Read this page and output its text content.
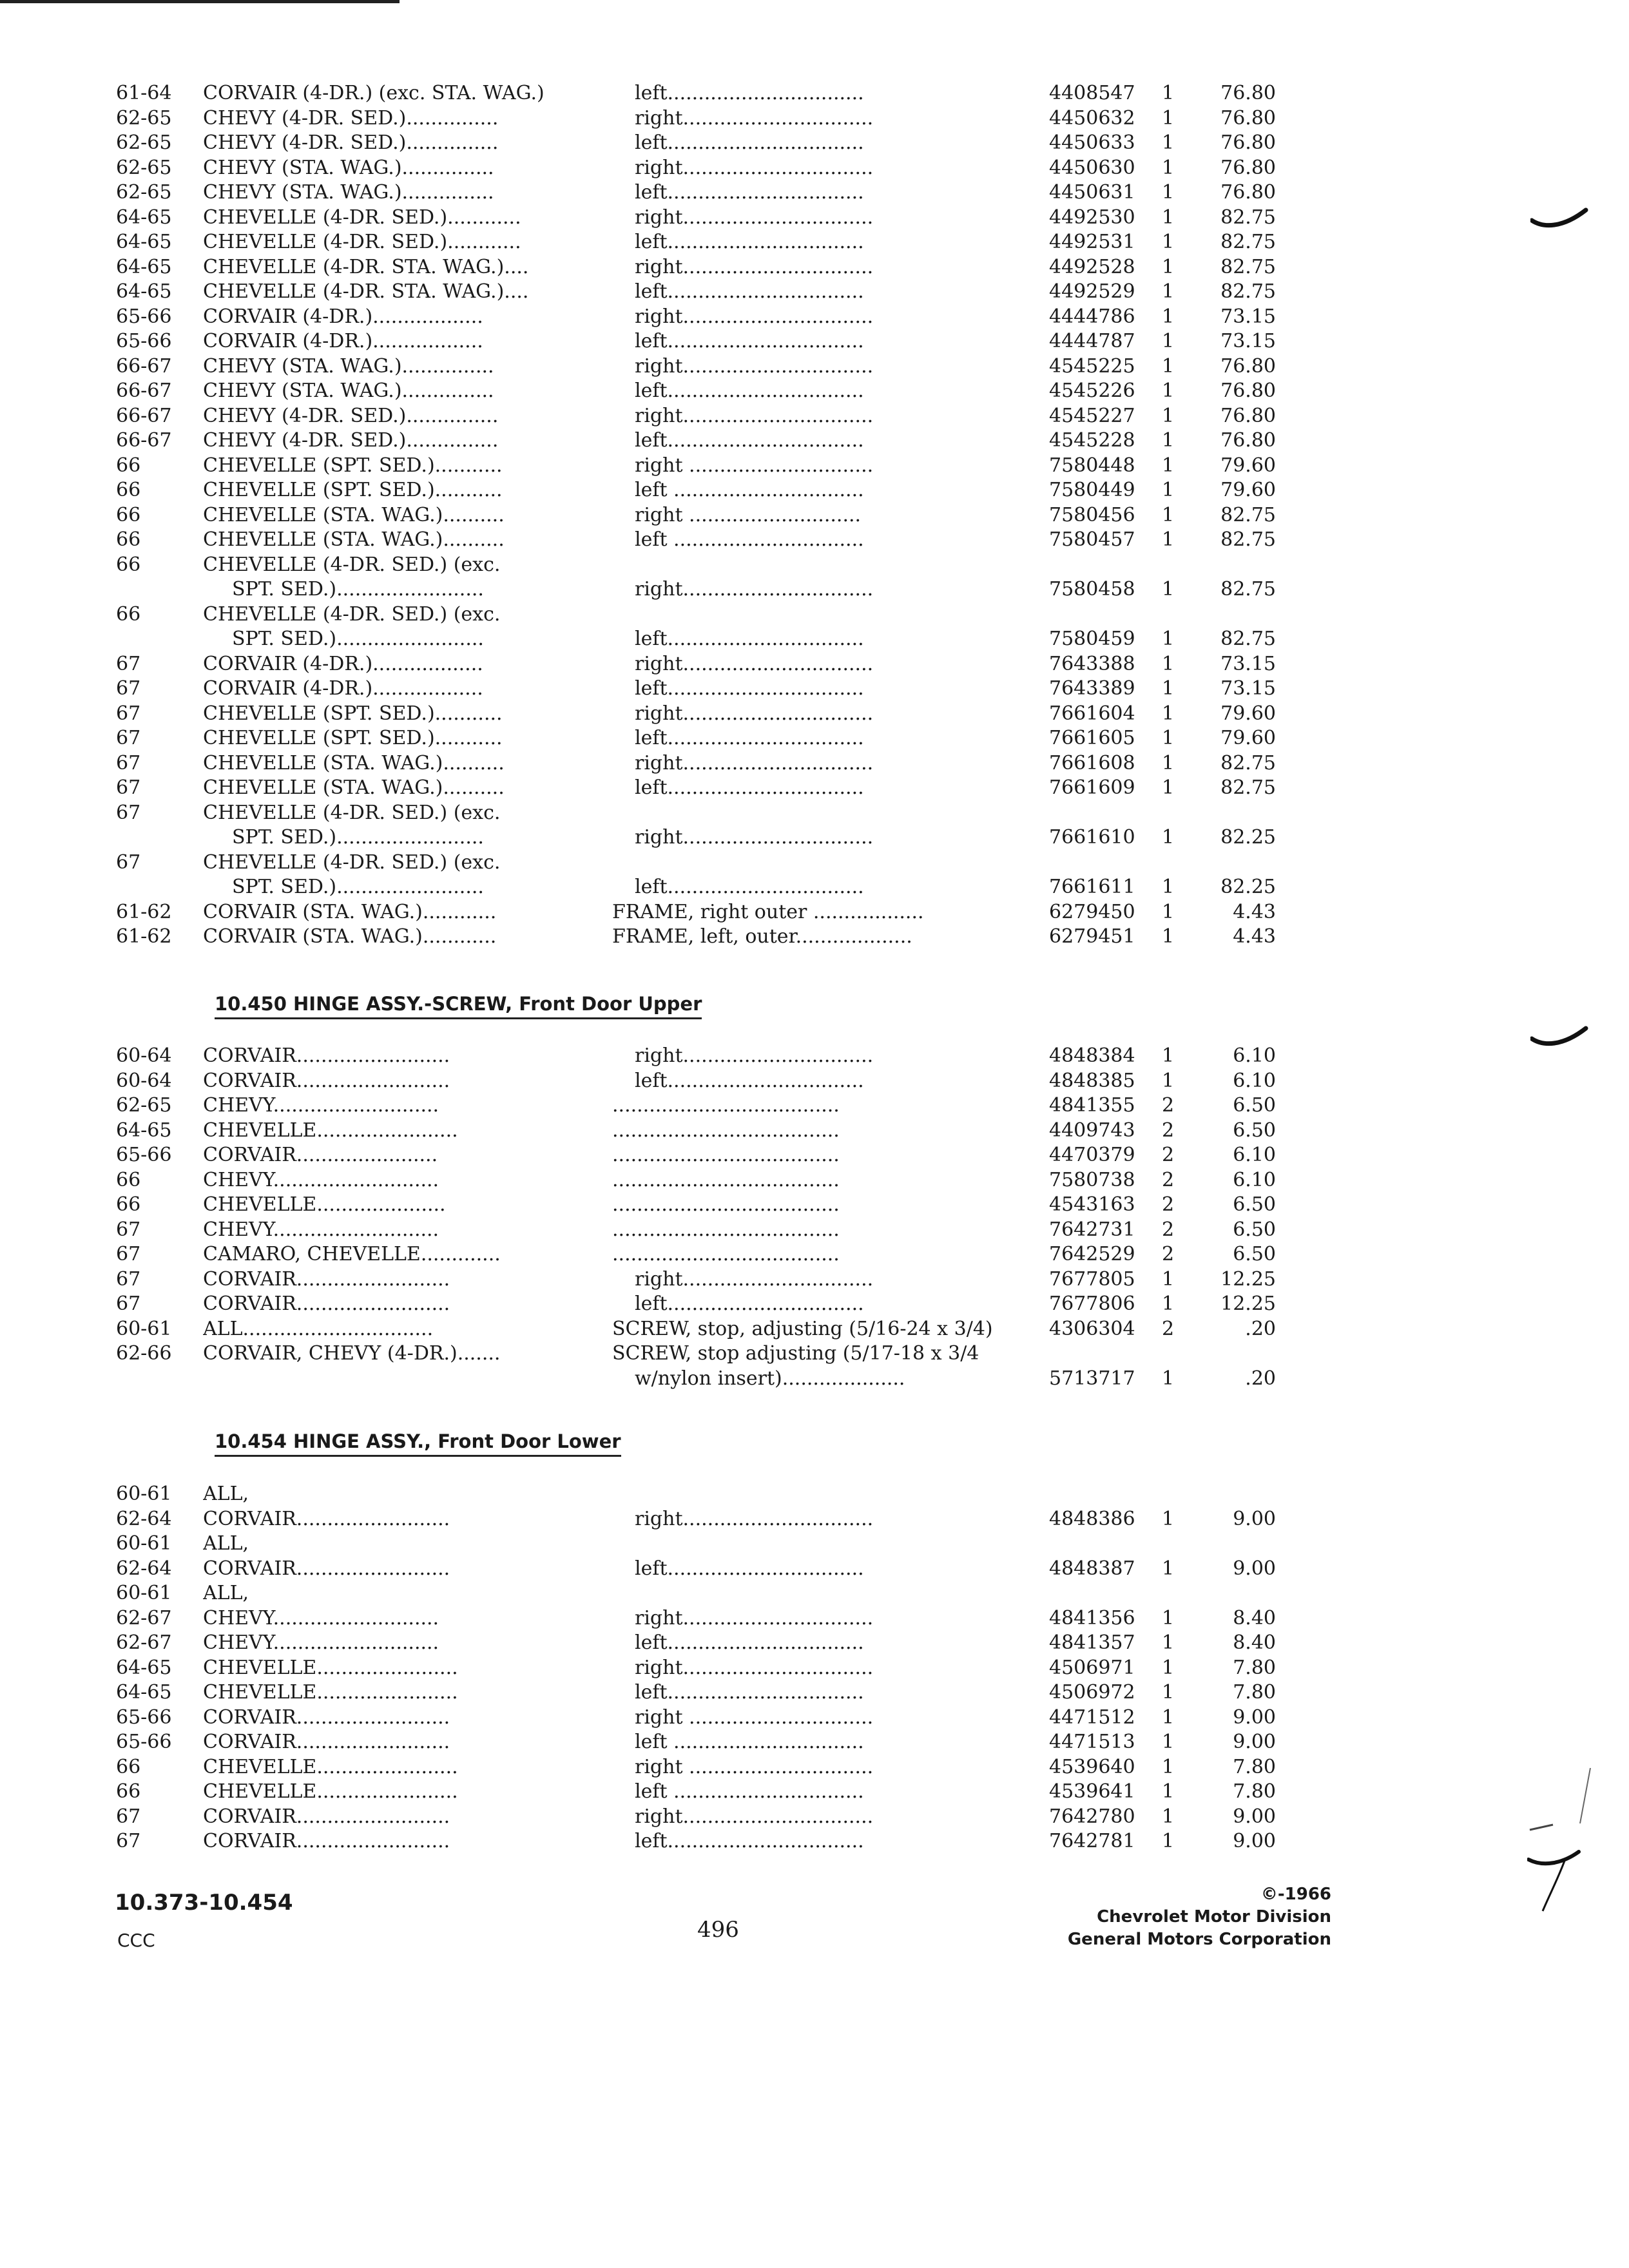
61-64	CORVAIR (4-DR.) (exc. STA. WAG.)	left................................	4408547	1	76.80
62-65	CHEVY (4-DR. SED.)...............	right...............................	4450632	1	76.80
62-65	CHEVY (4-DR. SED.)...............	left................................	4450633	1	76.80
62-65	CHEVY (STA. WAG.)...............	right...............................	4450630	1	76.80
62-65	CHEVY (STA. WAG.)...............	left................................	4450631	1	76.80
64-65	CHEVELLE (4-DR. SED.)............	right...............................	4492530	1	82.75
64-65	CHEVELLE (4-DR. SED.)............	left................................	4492531	1	82.75
64-65	CHEVELLE (4-DR. STA. WAG.)....	right...............................	4492528	1	82.75
64-65	CHEVELLE (4-DR. STA. WAG.)....	left................................	4492529	1	82.75
65-66	CORVAIR (4-DR.)..................	right...............................	4444786	1	73.15
65-66	CORVAIR (4-DR.)..................	left................................	4444787	1	73.15
66-67	CHEVY (STA. WAG.)...............	right...............................	4545225	1	76.80
66-67	CHEVY (STA. WAG.)...............	left................................	4545226	1	76.80
66-67	CHEVY (4-DR. SED.)...............	right...............................	4545227	1	76.80
66-67	CHEVY (4-DR. SED.)...............	left................................	4545228	1	76.80
66	CHEVELLE (SPT. SED.)...........	right ..............................	7580448	1	79.60
66	CHEVELLE (SPT. SED.)...........	left ...............................	7580449	1	79.60
66	CHEVELLE (STA. WAG.)..........	right ............................	7580456	1	82.75
66	CHEVELLE (STA. WAG.)..........	left ...............................	7580457	1	82.75
66	CHEVELLE (4-DR. SED.) (exc.
SPT. SED.)........................	right...............................	7580458	1	82.75
66	CHEVELLE (4-DR. SED.) (exc.
SPT. SED.)........................	left................................	7580459	1	82.75
67	CORVAIR (4-DR.)..................	right...............................	7643388	1	73.15
67	CORVAIR (4-DR.)..................	left................................	7643389	1	73.15
67	CHEVELLE (SPT. SED.)...........	right...............................	7661604	1	79.60
67	CHEVELLE (SPT. SED.)...........	left................................	7661605	1	79.60
67	CHEVELLE (STA. WAG.)..........	right...............................	7661608	1	82.75
67	CHEVELLE (STA. WAG.)..........	left................................	7661609	1	82.75
67	CHEVELLE (4-DR. SED.) (exc.
SPT. SED.)........................	right...............................	7661610	1	82.25
67	CHEVELLE (4-DR. SED.) (exc.
SPT. SED.)........................	left................................	7661611	1	82.25
61-62	CORVAIR (STA. WAG.)............	FRAME, right outer ..................	6279450	1	4.43
61-62	CORVAIR (STA. WAG.)............	FRAME, left, outer...................	6279451	1	4.43
10.450 HINGE ASSY.-SCREW, Front Door Upper
60-64	CORVAIR.........................	right...............................	4848384	1	6.10
60-64	CORVAIR.........................	left................................	4848385	1	6.10
62-65	CHEVY...........................	.....................................	4841355	2	6.50
64-65	CHEVELLE.......................	.....................................	4409743	2	6.50
65-66	CORVAIR.......................	.....................................	4470379	2	6.10
66	CHEVY...........................	.....................................	7580738	2	6.10
66	CHEVELLE.....................	.....................................	4543163	2	6.50
67	CHEVY...........................	.....................................	7642731	2	6.50
67	CAMARO, CHEVELLE.............	.....................................	7642529	2	6.50
67	CORVAIR.........................	right...............................	7677805	1	12.25
67	CORVAIR.........................	left................................	7677806	1	12.25
60-61	ALL...............................	SCREW, stop, adjusting (5/16-24 x 3/4)	4306304	2	.20
62-66	CORVAIR, CHEVY (4-DR.).......	SCREW, stop adjusting (5/17-18 x 3/4
w/nylon insert)....................	5713717	1	.20
10.454 HINGE ASSY., Front Door Lower
60-61	ALL,
62-64	CORVAIR.........................	right...............................	4848386	1	9.00
60-61	ALL,
62-64	CORVAIR.........................	left................................	4848387	1	9.00
60-61	ALL,
62-67	CHEVY...........................	right...............................	4841356	1	8.40
62-67	CHEVY...........................	left................................	4841357	1	8.40
64-65	CHEVELLE.......................	right...............................	4506971	1	7.80
64-65	CHEVELLE.......................	left................................	4506972	1	7.80
65-66	CORVAIR.........................	right ..............................	4471512	1	9.00
65-66	CORVAIR.........................	left ...............................	4471513	1	9.00
66	CHEVELLE.......................	right ..............................	4539640	1	7.80
66	CHEVELLE.......................	left ...............................	4539641	1	7.80
67	CORVAIR.........................	right...............................	7642780	1	9.00
67	CORVAIR.........................	left................................	7642781	1	9.00
10.373-10.454
CCC	496
©-1966
Chevrolet Motor Division
General Motors Corporation
